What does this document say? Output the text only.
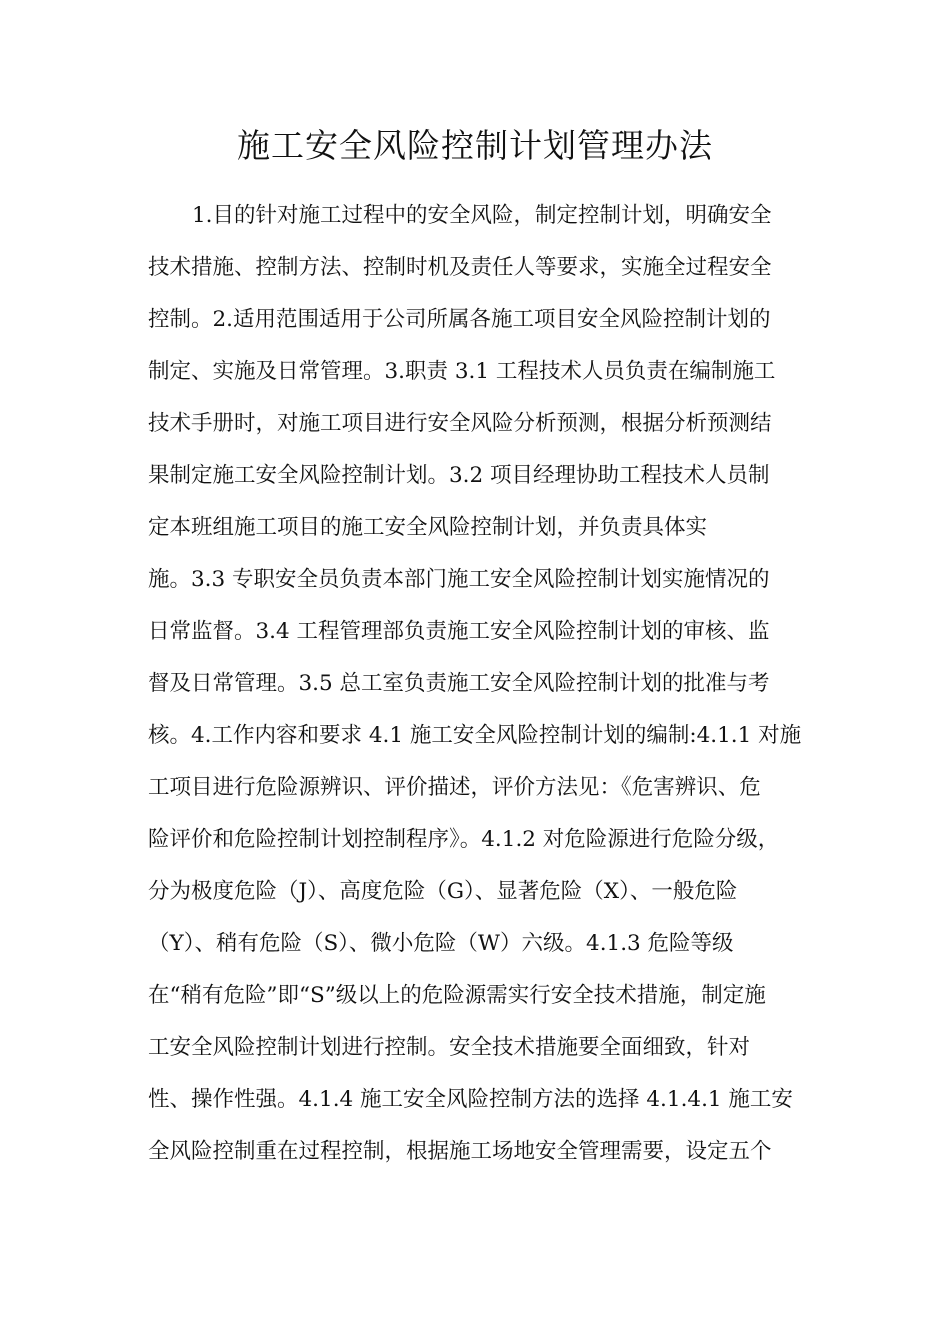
施工安全风险控制计划管理办法
1.目的针对施工过程中的安全风险，制定控制计划，明确安全
技术措施、控制方法、控制时机及责任人等要求，实施全过程安全
控制。2.适用范围适用于公司所属各施工项目安全风险控制计划的
制定、实施及日常管理。3.职责 3.1 工程技术人员负责在编制施工
技术手册时，对施工项目进行安全风险分析预测，根据分析预测结
果制定施工安全风险控制计划。3.2 项目经理协助工程技术人员制
定本班组施工项目的施工安全风险控制计划，并负责具体实
施。3.3 专职安全员负责本部门施工安全风险控制计划实施情况的
日常监督。3.4 工程管理部负责施工安全风险控制计划的审核、监
督及日常管理。3.5 总工室负责施工安全风险控制计划的批准与考
核。4.工作内容和要求 4.1 施工安全风险控制计划的编制:4.1.1 对施
工项目进行危险源辨识、评价描述，评价方法见：《危害辨识、危
险评价和危险控制计划控制程序》。4.1.2 对危险源进行危险分级，
分为极度危险（J）、高度危险（G）、显著危险（X）、一般危险
（Y）、稍有危险（S）、微小危险（W）六级。4.1.3 危险等级
在“稍有危险”即“S”级以上的危险源需实行安全技术措施，制定施
工安全风险控制计划进行控制。安全技术措施要全面细致，针对
性、操作性强。4.1.4 施工安全风险控制方法的选择 4.1.4.1 施工安
全风险控制重在过程控制，根据施工场地安全管理需要，设定五个
